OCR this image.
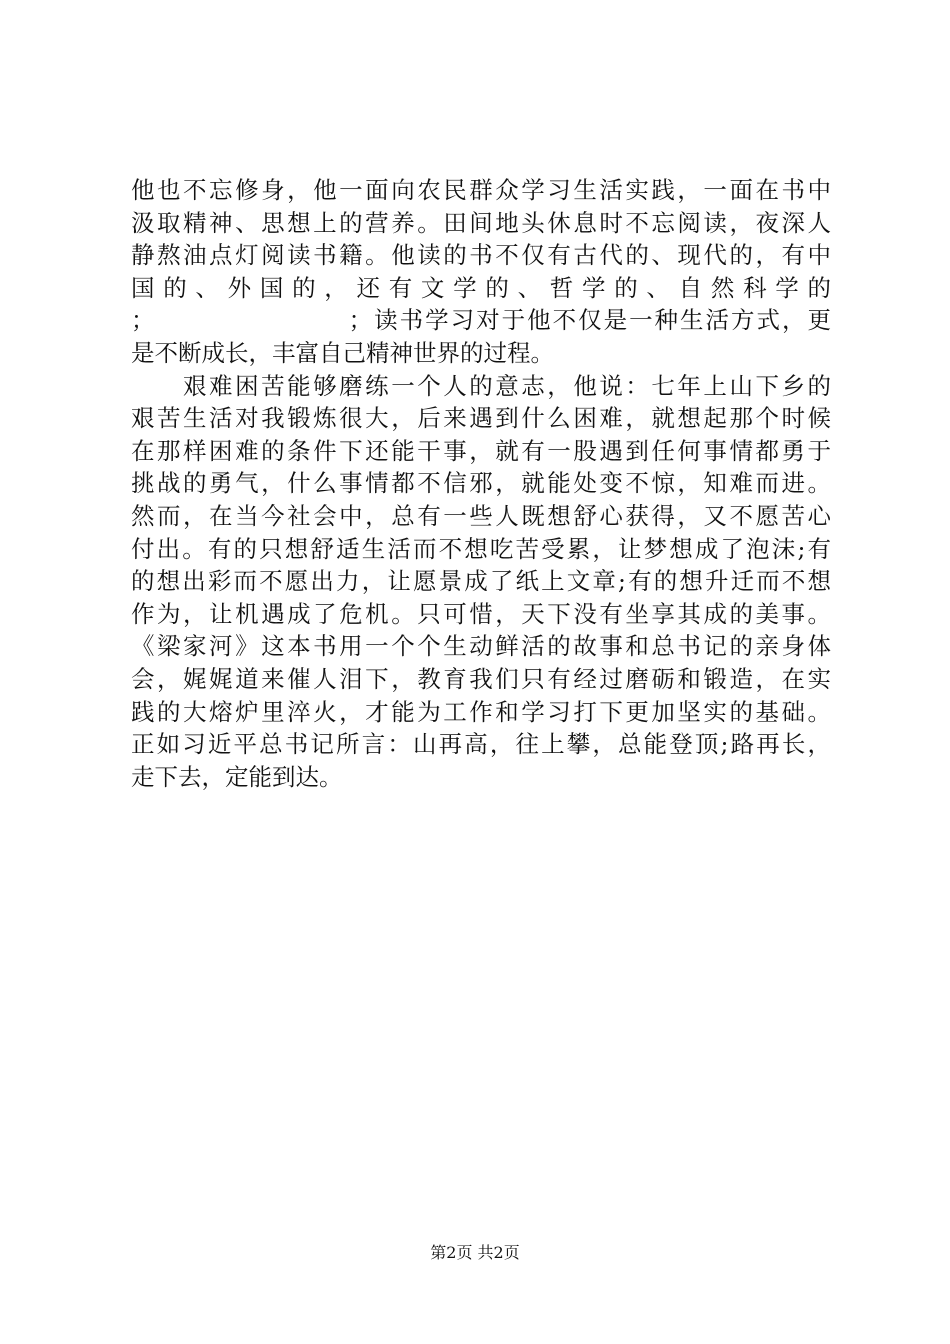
他也不忘修身，他一面向农民群众学习生活实践，一面在书中
汲取精神、思想上的营养。田间地头休息时不忘阅读，夜深人
静熬油点灯阅读书籍。他读的书不仅有古代的、现代的，有中
国的、外国的，还有文学的、哲学的、自然科学的
；　　　　　　　　；读书学习对于他不仅是一种生活方式，更
是不断成长，丰富自己精神世界的过程。
　　艰难困苦能够磨练一个人的意志，他说：七年上山下乡的
艰苦生活对我锻炼很大，后来遇到什么困难，就想起那个时候
在那样困难的条件下还能干事，就有一股遇到任何事情都勇于
挑战的勇气，什么事情都不信邪，就能处变不惊，知难而进。
然而，在当今社会中，总有一些人既想舒心获得，又不愿苦心
付出。有的只想舒适生活而不想吃苦受累，让梦想成了泡沫;有
的想出彩而不愿出力，让愿景成了纸上文章;有的想升迁而不想
作为，让机遇成了危机。只可惜，天下没有坐享其成的美事。
《梁家河》这本书用一个个生动鲜活的故事和总书记的亲身体
会，娓娓道来催人泪下，教育我们只有经过磨砺和锻造，在实
践的大熔炉里淬火，才能为工作和学习打下更加坚实的基础。
正如习近平总书记所言：山再高，往上攀，总能登顶;路再长，
走下去，定能到达。
第2页 共2页
